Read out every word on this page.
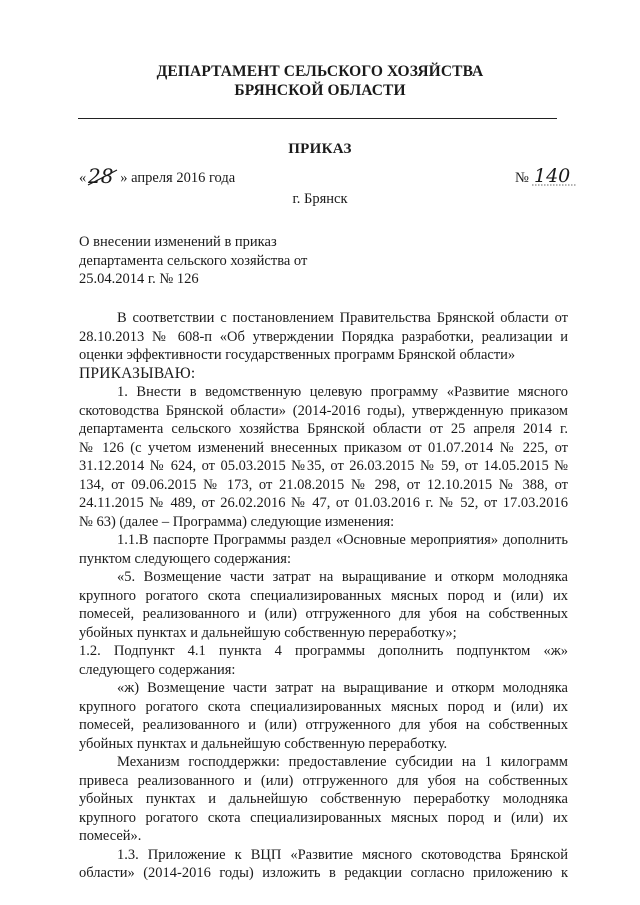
ДЕПАРТАМЕНТ СЕЛЬСКОГО ХОЗЯЙСТВА
БРЯНСКОЙ ОБЛАСТИ
ПРИКАЗ
« 28 » апреля 2016 года	№ 140
г. Брянск
О внесении изменений в приказ
департамента сельского хозяйства от
25.04.2014 г. № 126

В соответствии с постановлением Правительства Брянской области от

28.10.2013 № 608-п «Об утверждении Порядка разработки, реализации и

оценки эффективности государственных программ Брянской области»

ПРИКАЗЫВАЮ:

1. Внести в ведомственную целевую программу «Развитие мясного

скотоводства Брянской области» (2014-2016 годы), утвержденную приказом

департамента сельского хозяйства Брянской области от 25 апреля 2014 г.

№ 126 (с учетом изменений внесенных приказом от 01.07.2014 № 225, от

31.12.2014 № 624, от 05.03.2015 №35, от 26.03.2015 № 59, от 14.05.2015 №

134, от 09.06.2015 № 173, от 21.08.2015 № 298, от 12.10.2015 № 388, от

24.11.2015 № 489, от 26.02.2016 № 47, от 01.03.2016 г. № 52, от 17.03.2016

№ 63) (далее – Программа) следующие изменения:

1.1.В паспорте Программы раздел «Основные мероприятия» дополнить

пунктом следующего содержания:

«5. Возмещение части затрат на выращивание и откорм молодняка

крупного рогатого скота специализированных мясных пород и (или) их

помесей, реализованного и (или) отгруженного для убоя на собственных

убойных пунктах и дальнейшую собственную переработку»;

1.2. Подпункт 4.1 пункта 4 программы дополнить подпунктом «ж»

следующего содержания:

«ж) Возмещение части затрат на выращивание и откорм молодняка

крупного рогатого скота специализированных мясных пород и (или) их

помесей, реализованного и (или) отгруженного для убоя на собственных

убойных пунктах и дальнейшую собственную переработку.

Механизм господдержки: предоставление субсидии на 1 килограмм

привеса реализованного и (или) отгруженного для убоя на собственных

убойных пунктах и дальнейшую собственную переработку молодняка

крупного рогатого скота специализированных мясных пород и (или) их

помесей».

1.3. Приложение к ВЦП «Развитие мясного скотоводства Брянской

области» (2014-2016 годы) изложить в редакции согласно приложению к
